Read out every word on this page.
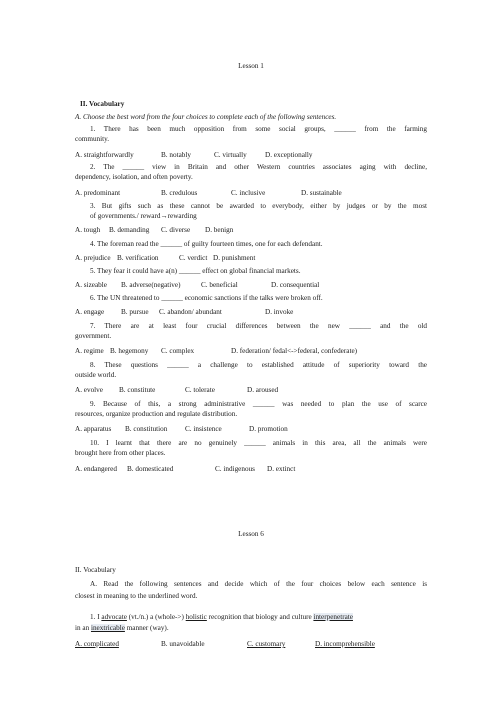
Lesson 1
II. Vocabulary
A. Choose the best word from the four choices to complete each of the following sentences.
1. There has been much opposition from some social groups, ______ from the farming
community.
A. straightforwardly	B. notably	C. virtually	D. exceptionally
2. The ______ view in Britain and other Western countries associates aging with decline,
dependency, isolation, and often poverty.
A. predominant	B. credulous	C. inclusive	D. sustainable
3. But gifts such as these cannot be awarded to everybody, either by judges or by the most
of governments./ reward→rewarding
A. tough B. demanding C. diverse D. benign
4. The foreman read the ______ of guilty fourteen times, one for each defendant.
A. prejudice B. verification	C. verdict D. punishment
5. They fear it could have a(n) ______ effect on global financial markets.
A. sizeable B. adverse(negative)	C. beneficial	D. consequential
6. The UN threatened to ______ economic sanctions if the talks were broken off.
A. engage B. pursue C. abandon/ abundant	D. invoke
7. There are at least four crucial differences between the new ______ and the old
government.
A. regime B. hegemony C. complex	D. federation/ fedal<->federal, confederate)
8. These questions ______ a challenge to established attitude of superiority toward the
outside world.
A. evolve B. constitute	C. tolerate	D. aroused
9. Because of this, a strong administrative ______ was needed to plan the use of scarce
resources, organize production and regulate distribution.
A. apparatus B. constitution C. insistence	D. promotion
10. I learnt that there are no genuinely ______ animals in this area, all the animals were
brought here from other places.
A. endangered B. domesticated	C. indigenous D. extinct
Lesson 6
II. Vocabulary
A. Read the following sentences and decide which of the four choices below each sentence is
closest in meaning to the underlined word.
1. I advocate (vt./n.) a (whole->) holistic recognition that biology and culture interpenetrate
in an inextricable manner (way).
A. complicated	B. unavoidable	C. customary	D. incomprehensible
